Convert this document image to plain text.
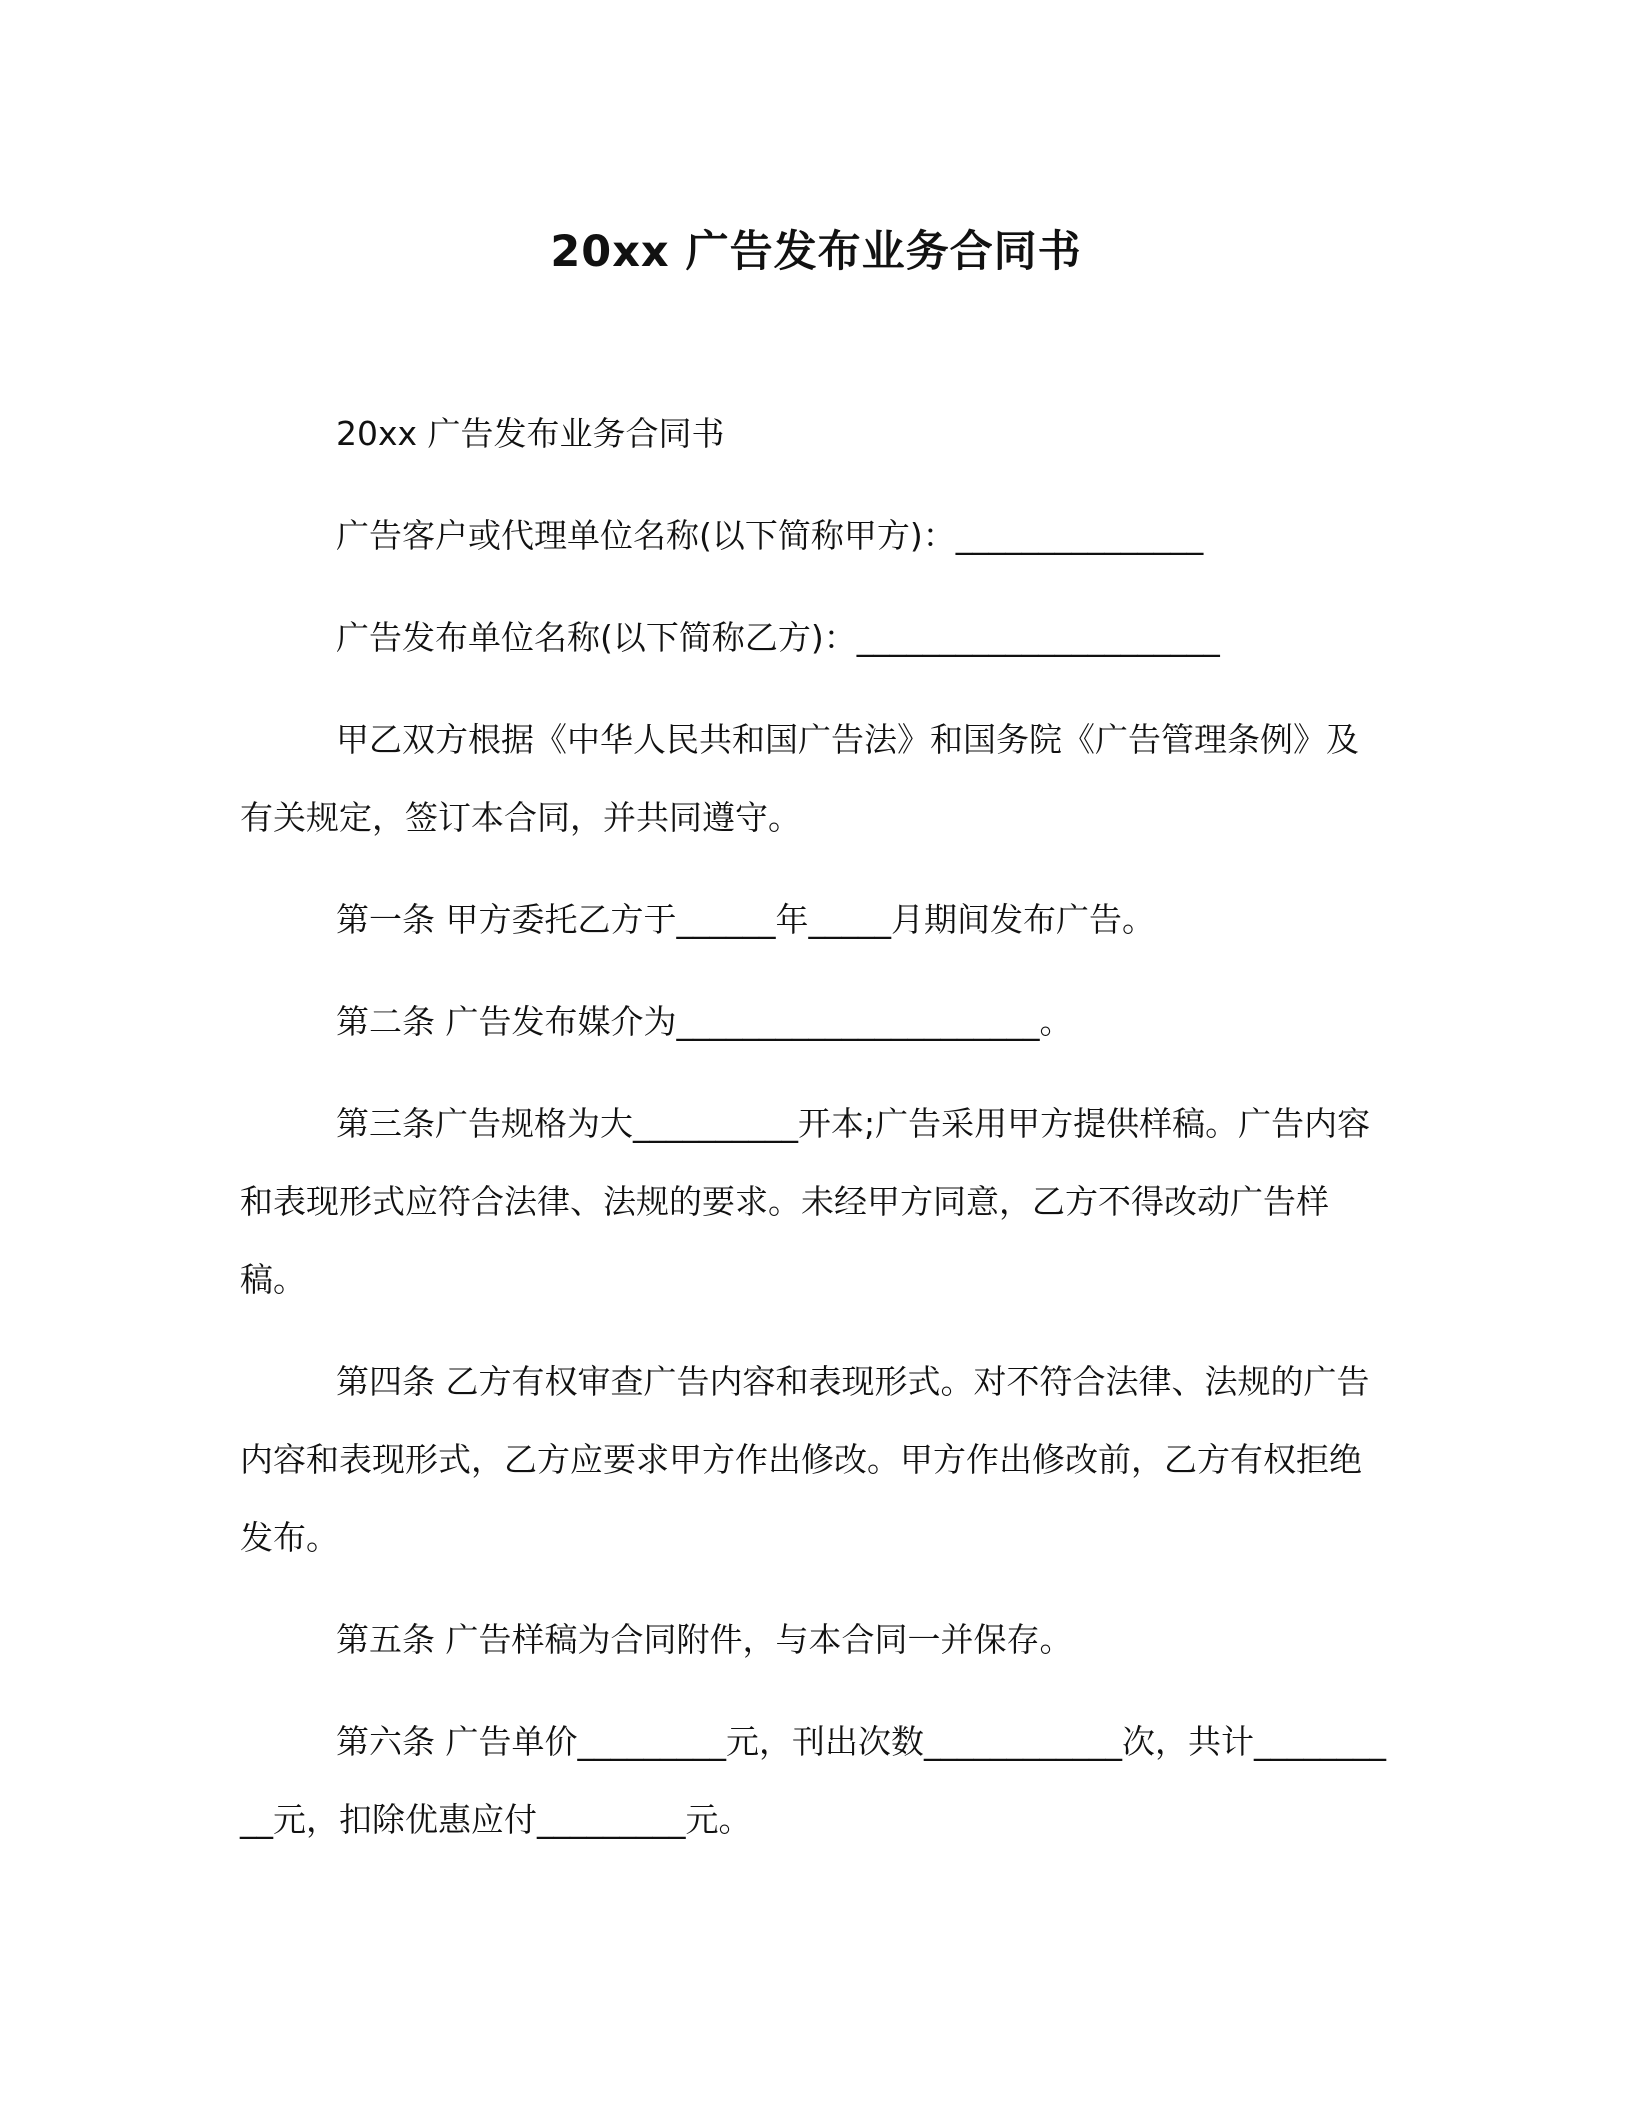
20xx 广告发布业务合同书

20xx 广告发布业务合同书

广告客户或代理单位名称(以下简称甲方)：_______________

广告发布单位名称(以下简称乙方)：______________________

甲乙双方根据《中华人民共和国广告法》和国务院《广告管理条例》及有关规定，签订本合同，并共同遵守。

第一条 甲方委托乙方于______年_____月期间发布广告。

第二条 广告发布媒介为______________________。

第三条广告规格为大__________开本;广告采用甲方提供样稿。广告内容和表现形式应符合法律、法规的要求。未经甲方同意，乙方不得改动广告样稿。

第四条 乙方有权审查广告内容和表现形式。对不符合法律、法规的广告内容和表现形式，乙方应要求甲方作出修改。甲方作出修改前，乙方有权拒绝发布。

第五条 广告样稿为合同附件，与本合同一并保存。

第六条 广告单价_________元，刊出次数____________次，共计__________元，扣除优惠应付_________元。
